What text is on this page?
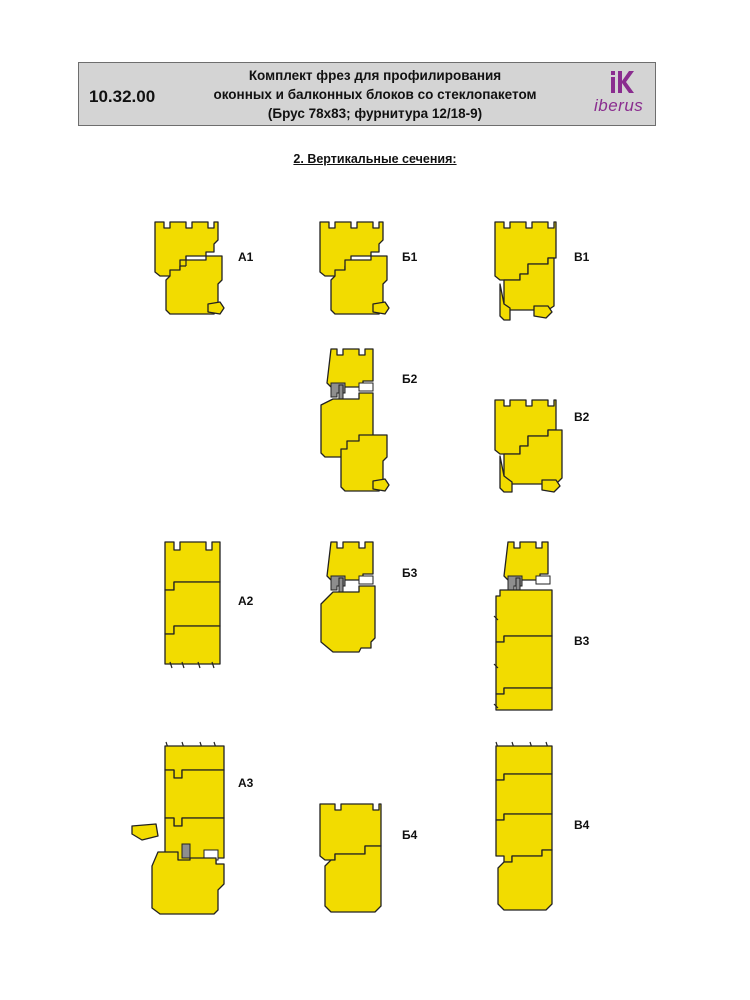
10.32.00
Комплект фрез для профилирования
оконных и балконных блоков со стеклопакетом
(Брус 78х83; фурнитура 12/18-9)	iberus
2. Вертикальные сечения:
А1	Б1	В1
Б2
В2
А2
Б3
В3
А3
Б4
В4
